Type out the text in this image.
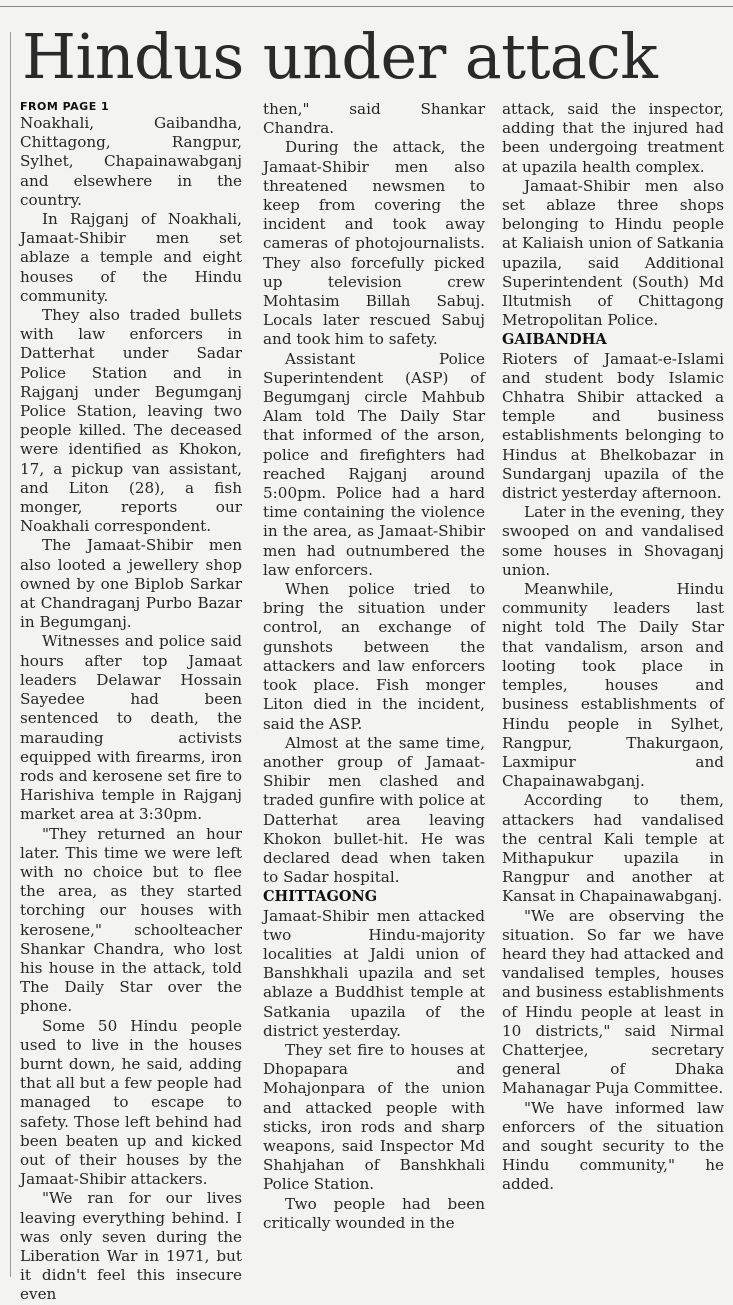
Hindus under attack
FROM PAGE 1

Noakhali, Gaibandha, Chittagong, Rangpur, Sylhet, Chapainawabganj and elsewhere in the country.

In Rajganj of Noakhali, Jamaat-Shibir men set ablaze a temple and eight houses of the Hindu community.

They also traded bullets with law enforcers in Datterhat under Sadar Police Station and in Rajganj under Begumganj Police Station, leaving two people killed. The deceased were identified as Khokon, 17, a pickup van assistant, and Liton (28), a fish monger, reports our Noakhali correspondent.

The Jamaat-Shibir men also looted a jewellery shop owned by one Biplob Sarkar at Chandraganj Purbo Bazar in Begumganj.

Witnesses and police said hours after top Jamaat leaders Delawar Hossain Sayedee had been sentenced to death, the marauding activists equipped with firearms, iron rods and kerosene set fire to Harishiva temple in Rajganj market area at 3:30pm.

"They returned an hour later. This time we were left with no choice but to flee the area, as they started torching our houses with kerosene," schoolteacher Shankar Chandra, who lost his house in the attack, told The Daily Star over the phone.

Some 50 Hindu people used to live in the houses burnt down, he said, adding that all but a few people had managed to escape to safety. Those left behind had been beaten up and kicked out of their houses by the Jamaat-Shibir attackers.

"We ran for our lives leaving everything behind. I was only seven during the Liberation War in 1971, but it didn't feel this insecure even

then," said Shankar Chandra.

During the attack, the Jamaat-Shibir men also threatened newsmen to keep from covering the incident and took away cameras of photojournalists. They also forcefully picked up television crew Mohtasim Billah Sabuj. Locals later rescued Sabuj and took him to safety.

Assistant Police Superintendent (ASP) of Begumganj circle Mahbub Alam told The Daily Star that informed of the arson, police and firefighters had reached Rajganj around 5:00pm. Police had a hard time containing the violence in the area, as Jamaat-Shibir men had outnumbered the law enforcers.

When police tried to bring the situation under control, an exchange of gunshots between the attackers and law enforcers took place. Fish monger Liton died in the incident, said the ASP.

Almost at the same time, another group of Jamaat-Shibir men clashed and traded gunfire with police at Datterhat area leaving Khokon bullet-hit. He was declared dead when taken to Sadar hospital.

CHITTAGONG

Jamaat-Shibir men attacked two Hindu-majority localities at Jaldi union of Banshkhali upazila and set ablaze a Buddhist temple at Satkania upazila of the district yesterday.

They set fire to houses at Dhopapara and Mohajonpara of the union and attacked people with sticks, iron rods and sharp weapons, said Inspector Md Shahjahan of Banshkhali Police Station.

Two people had been critically wounded in the

attack, said the inspector, adding that the injured had been undergoing treatment at upazila health complex.

Jamaat-Shibir men also set ablaze three shops belonging to Hindu people at Kaliaish union of Satkania upazila, said Additional Superintendent (South) Md Iltutmish of Chittagong Metropolitan Police.

GAIBANDHA

Rioters of Jamaat-e-Islami and student body Islamic Chhatra Shibir attacked a temple and business establishments belonging to Hindus at Bhelkobazar in Sundarganj upazila of the district yesterday afternoon.

Later in the evening, they swooped on and vandalised some houses in Shovaganj union.

Meanwhile, Hindu community leaders last night told The Daily Star that vandalism, arson and looting took place in temples, houses and business establishments of Hindu people in Sylhet, Rangpur, Thakurgaon, Laxmipur and Chapainawabganj.

According to them, attackers had vandalised the central Kali temple at Mithapukur upazila in Rangpur and another at Kansat in Chapainawabganj.

"We are observing the situation. So far we have heard they had attacked and vandalised temples, houses and business establishments of Hindu people at least in 10 districts," said Nirmal Chatterjee, secretary general of Dhaka Mahanagar Puja Committee.

"We have informed law enforcers of the situation and sought security to the Hindu community," he added.
